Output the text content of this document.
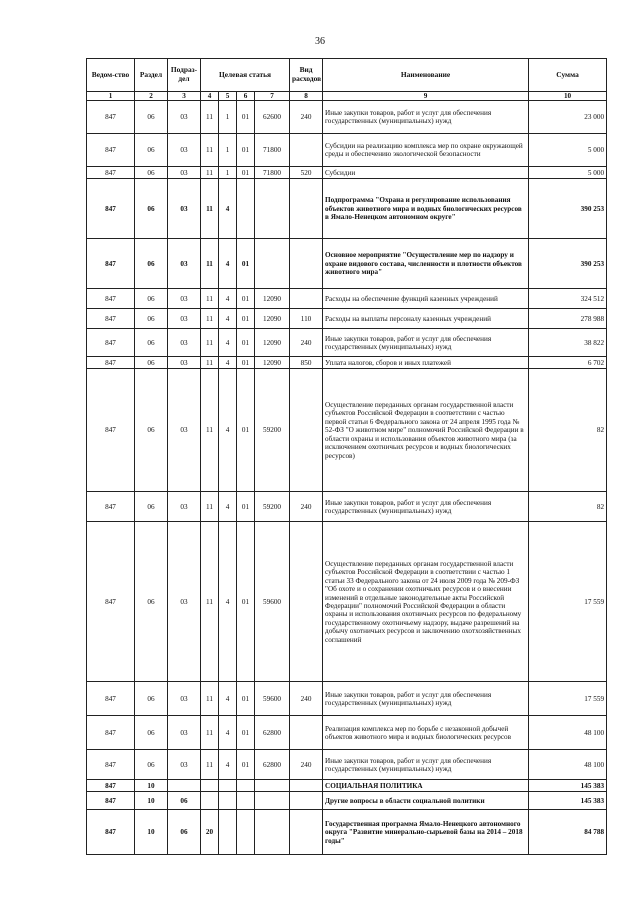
36
Ведом-ство	Раздел	Подраз-дел	Целевая статья				Вид расходов	Наименование	Сумма
1	2	3	4	5	6	7	8	9	10
847	06	03	11	1	01	62600	240	Иные закупки товаров, работ и услуг для обеспечения государственных (муниципальных) нужд	23 000
847	06	03	11	1	01	71800		Субсидии на реализацию комплекса мер по охране окружающей среды и обеспечению экологической безопасности	5 000
847	06	03	11	1	01	71800	520	Субсидии	5 000
847	06	03	11	4				Подпрограмма "Охрана и регулирование использования объектов животного мира и водных биологических ресурсов в Ямало-Ненецком автономном округе"	390 253
847	06	03	11	4	01			Основное мероприятие "Осуществление мер по надзору и охране видового состава, численности и плотности объектов животного мира"	390 253
847	06	03	11	4	01	12090		Расходы на обеспечение функций казенных учреждений	324 512
847	06	03	11	4	01	12090	110	Расходы на выплаты персоналу казенных учреждений	278 988
847	06	03	11	4	01	12090	240	Иные закупки товаров, работ и услуг для обеспечения государственных (муниципальных) нужд	38 822
847	06	03	11	4	01	12090	850	Уплата налогов, сборов и иных платежей	6 702
847	06	03	11	4	01	59200		Осуществление переданных органам государственной власти субъектов Российской Федерации в соответствии с частью первой статьи 6 Федерального закона от 24 апреля 1995 года № 52-ФЗ "О животном мире" полномочий Российской Федерации в области охраны и использования объектов животного мира (за исключением охотничьих ресурсов и водных биологических ресурсов)	82
847	06	03	11	4	01	59200	240	Иные закупки товаров, работ и услуг для обеспечения государственных (муниципальных) нужд	82
847	06	03	11	4	01	59600		Осуществление переданных органам государственной власти субъектов Российской Федерации в соответствии с частью 1 статьи 33 Федерального закона от 24 июля 2009 года № 209-ФЗ "Об охоте и о сохранении охотничьих ресурсов и о внесении изменений в отдельные законодательные акты Российской Федерации" полномочий Российской Федерации в области охраны и использования охотничьих ресурсов по федеральному государственному охотничьему надзору, выдаче разрешений на добычу охотничьих ресурсов и заключению охотхозяйственных соглашений	17 559
847	06	03	11	4	01	59600	240	Иные закупки товаров, работ и услуг для обеспечения государственных (муниципальных) нужд	17 559
847	06	03	11	4	01	62800		Реализация комплекса мер по борьбе с незаконной добычей объектов животного мира и водных биологических ресурсов	48 100
847	06	03	11	4	01	62800	240	Иные закупки товаров, работ и услуг для обеспечения государственных (муниципальных) нужд	48 100
847	10							СОЦИАЛЬНАЯ ПОЛИТИКА	145 383
847	10	06						Другие вопросы в области социальной политики	145 383
847	10	06	20					Государственная программа Ямало-Ненецкого автономного округа "Развитие минерально-сырьевой базы на 2014 – 2018 годы"	84 788
